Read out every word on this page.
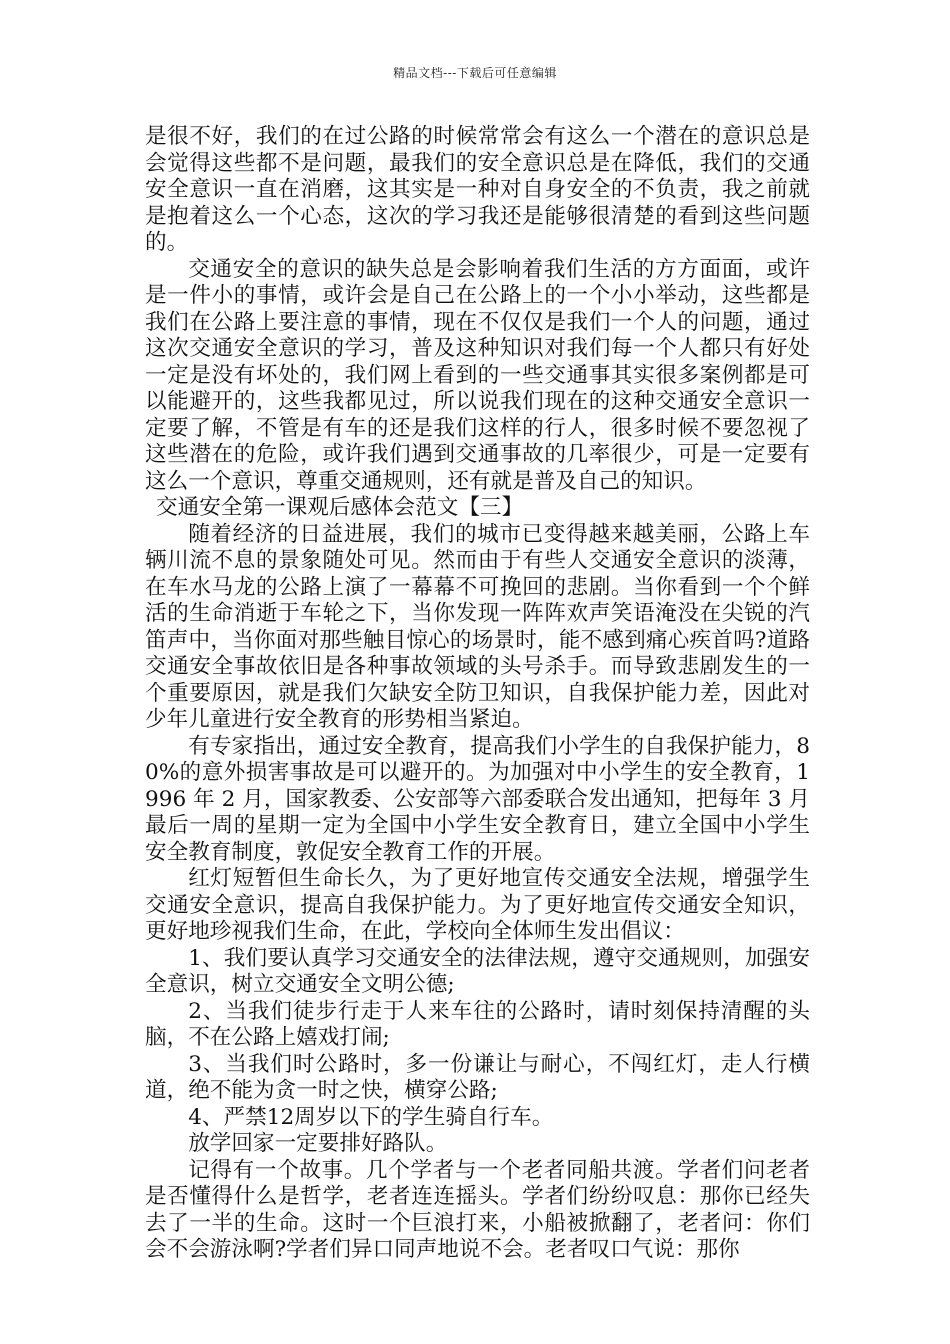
精品文档---下载后可任意编辑

是很不好，我们的在过公路的时候常常会有这么一个潜在的意识总是会觉得这些都不是问题，最我们的安全意识总是在降低，我们的交通安全意识一直在消磨，这其实是一种对自身安全的不负责，我之前就是抱着这么一个心态，这次的学习我还是能够很清楚的看到这些问题的。

交通安全的意识的缺失总是会影响着我们生活的方方面面，或许是一件小的事情，或许会是自己在公路上的一个小小举动，这些都是我们在公路上要注意的事情，现在不仅仅是我们一个人的问题，通过这次交通安全意识的学习，普及这种知识对我们每一个人都只有好处一定是没有坏处的，我们网上看到的一些交通事其实很多案例都是可以能避开的，这些我都见过，所以说我们现在的这种交通安全意识一定要了解，不管是有车的还是我们这样的行人，很多时候不要忽视了这些潜在的危险，或许我们遇到交通事故的几率很少，可是一定要有这么一个意识，尊重交通规则，还有就是普及自己的知识。

交通安全第一课观后感体会范文【三】

随着经济的日益进展，我们的城市已变得越来越美丽，公路上车辆川流不息的景象随处可见。然而由于有些人交通安全意识的淡薄，在车水马龙的公路上演了一幕幕不可挽回的悲剧。当你看到一个个鲜活的生命消逝于车轮之下，当你发现一阵阵欢声笑语淹没在尖锐的汽笛声中，当你面对那些触目惊心的场景时，能不感到痛心疾首吗?道路交通安全事故依旧是各种事故领域的头号杀手。而导致悲剧发生的一个重要原因，就是我们欠缺安全防卫知识，自我保护能力差，因此对少年儿童进行安全教育的形势相当紧迫。

有专家指出，通过安全教育，提高我们小学生的自我保护能力，80%的意外损害事故是可以避开的。为加强对中小学生的安全教育，1996 年 2 月，国家教委、公安部等六部委联合发出通知，把每年 3 月最后一周的星期一定为全国中小学生安全教育日，建立全国中小学生安全教育制度，敦促安全教育工作的开展。

红灯短暂但生命长久，为了更好地宣传交通安全法规，增强学生交通安全意识，提高自我保护能力。为了更好地宣传交通安全知识，更好地珍视我们生命，在此，学校向全体师生发出倡议：

1、我们要认真学习交通安全的法律法规，遵守交通规则，加强安全意识，树立交通安全文明公德;

2、当我们徒步行走于人来车往的公路时，请时刻保持清醒的头脑，不在公路上嬉戏打闹;

3、当我们时公路时，多一份谦让与耐心，不闯红灯，走人行横道，绝不能为贪一时之快，横穿公路;

4、严禁12周岁以下的学生骑自行车。

放学回家一定要排好路队。

记得有一个故事。几个学者与一个老者同船共渡。学者们问老者是否懂得什么是哲学，老者连连摇头。学者们纷纷叹息：那你已经失去了一半的生命。这时一个巨浪打来，小船被掀翻了，老者问：你们会不会游泳啊?学者们异口同声地说不会。老者叹口气说：那你
